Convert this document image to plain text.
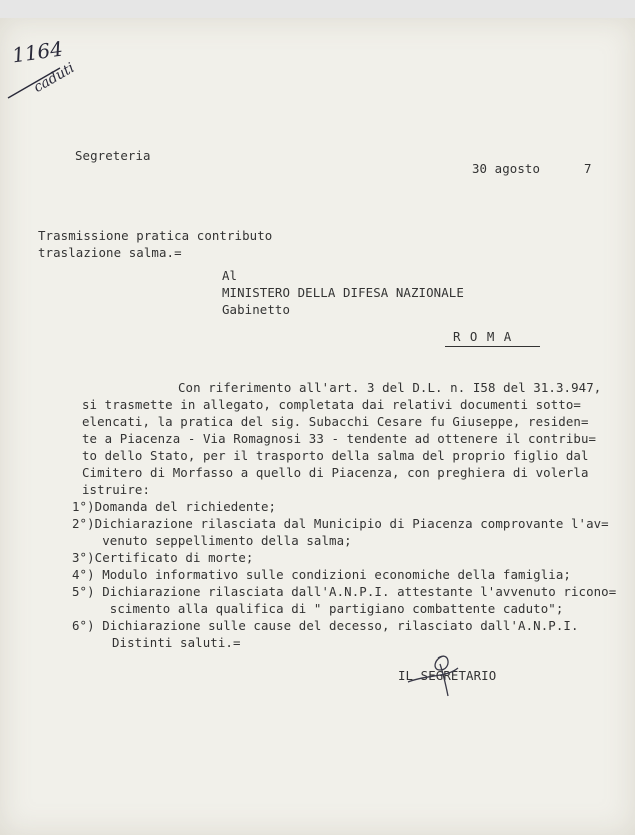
1164
caduti
Segreteria
30 agosto	7
Trasmissione pratica contributo
traslazione salma.=
Al
MINISTERO DELLA DIFESA NAZIONALE
Gabinetto
R O M A
Con riferimento all'art. 3 del D.L. n. I58 del 31.3.947,
si trasmette in allegato, completata dai relativi documenti sotto=
elencati, la pratica del sig. Subacchi Cesare fu Giuseppe, residen=
te a Piacenza - Via Romagnosi 33 - tendente ad ottenere il contribu=
to dello Stato, per il trasporto della salma del proprio figlio dal
Cimitero di Morfasso a quello di Piacenza, con preghiera di volerla
istruire:
1°)Domanda del richiedente;
2°)Dichiarazione rilasciata dal Municipio di Piacenza comprovante l'av=
venuto seppellimento della salma;
3°)Certificato di morte;
4°) Modulo informativo sulle condizioni economiche della famiglia;
5°) Dichiarazione rilasciata dall'A.N.P.I. attestante l'avvenuto ricono=
scimento alla qualifica di " partigiano combattente caduto";
6°) Dichiarazione sulle cause del decesso, rilasciato dall'A.N.P.I.
Distinti saluti.=
IL SEGRETARIO
